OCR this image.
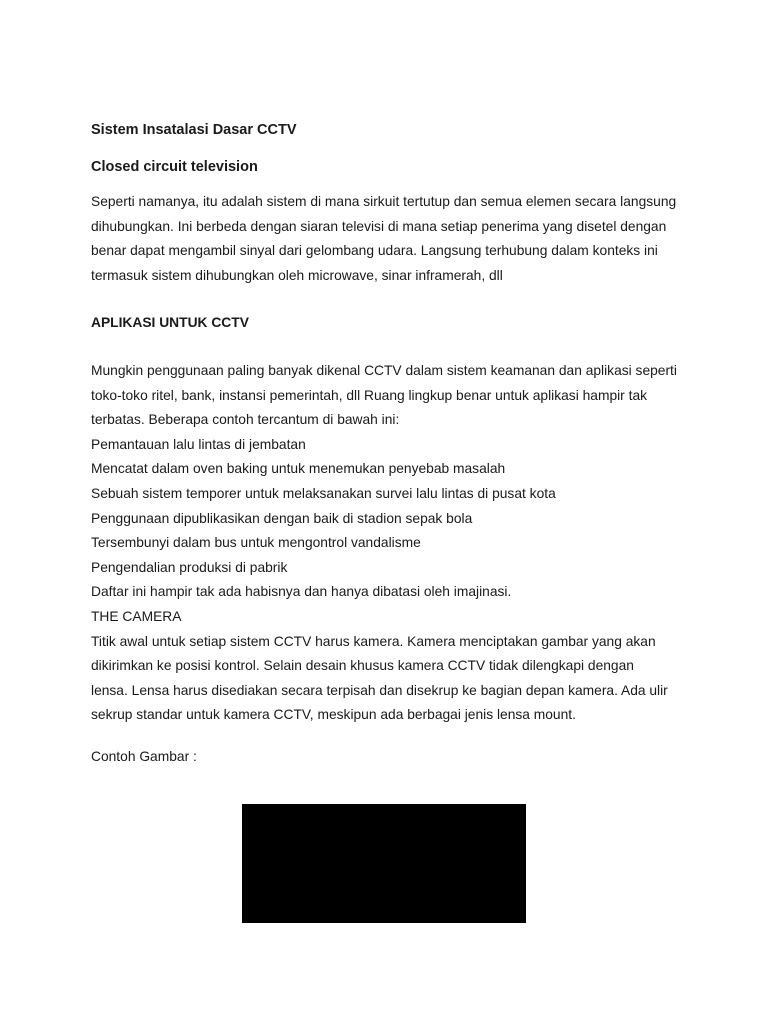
Sistem Insatalasi Dasar CCTV

Closed circuit television

Seperti namanya, itu adalah sistem di mana sirkuit tertutup dan semua elemen secara langsung
dihubungkan. Ini berbeda dengan siaran televisi di mana setiap penerima yang disetel dengan
benar dapat mengambil sinyal dari gelombang udara. Langsung terhubung dalam konteks ini
termasuk sistem dihubungkan oleh microwave, sinar inframerah, dll

APLIKASI UNTUK CCTV

Mungkin penggunaan paling banyak dikenal CCTV dalam sistem keamanan dan aplikasi seperti
toko-toko ritel, bank, instansi pemerintah, dll Ruang lingkup benar untuk aplikasi hampir tak
terbatas. Beberapa contoh tercantum di bawah ini:
Pemantauan lalu lintas di jembatan
Mencatat dalam oven baking untuk menemukan penyebab masalah
Sebuah sistem temporer untuk melaksanakan survei lalu lintas di pusat kota
Penggunaan dipublikasikan dengan baik di stadion sepak bola
Tersembunyi dalam bus untuk mengontrol vandalisme
Pengendalian produksi di pabrik
Daftar ini hampir tak ada habisnya dan hanya dibatasi oleh imajinasi.
THE CAMERA
Titik awal untuk setiap sistem CCTV harus kamera. Kamera menciptakan gambar yang akan
dikirimkan ke posisi kontrol. Selain desain khusus kamera CCTV tidak dilengkapi dengan
lensa. Lensa harus disediakan secara terpisah dan disekrup ke bagian depan kamera. Ada ulir
sekrup standar untuk kamera CCTV, meskipun ada berbagai jenis lensa mount.

Contoh Gambar :
